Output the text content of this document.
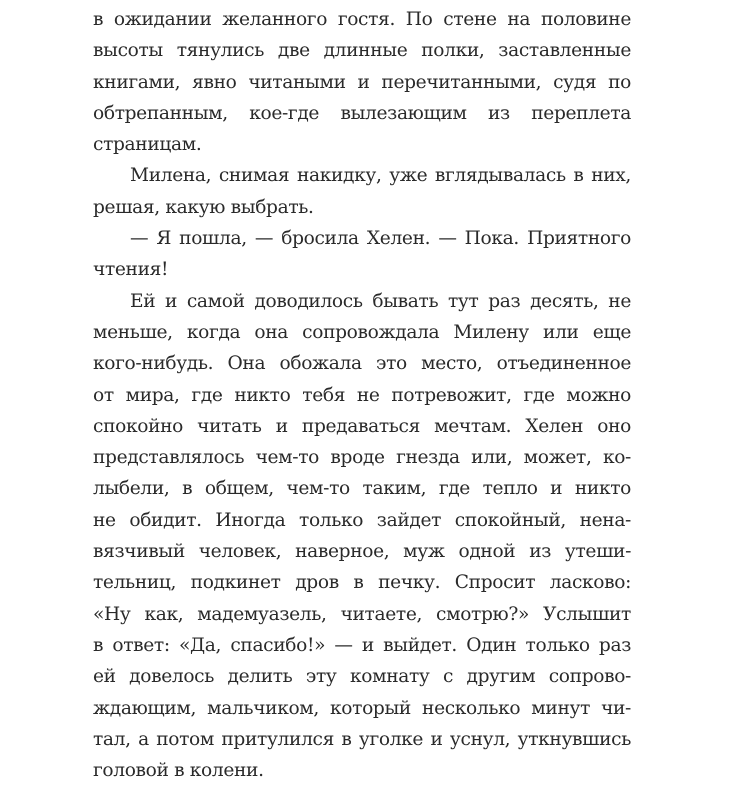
в ожидании желанного гостя. По стене на половине
высоты тянулись две длинные полки, заставленные
книгами, явно читаными и перечитанными, судя по
обтрепанным, кое-где вылезающим из переплета
страницам.
Милена, снимая накидку, уже вглядывалась в них,
решая, какую выбрать.
— Я пошла, — бросила Хелен. — Пока. Приятного
чтения!
Ей и самой доводилось бывать тут раз десять, не
меньше, когда она сопровождала Милену или еще
кого-нибудь. Она обожала это место, отъединенное
от мира, где никто тебя не потревожит, где можно
спокойно читать и предаваться мечтам. Хелен оно
представлялось чем-то вроде гнезда или, может, ко-
лыбели, в общем, чем-то таким, где тепло и никто
не обидит. Иногда только зайдет спокойный, нена-
вязчивый человек, наверное, муж одной из утеши-
тельниц, подкинет дров в печку. Спросит ласково:
«Ну как, мадемуазель, читаете, смотрю?» Услышит
в ответ: «Да, спасибо!» — и выйдет. Один только раз
ей довелось делить эту комнату с другим сопрово-
ждающим, мальчиком, который несколько минут чи-
тал, а потом притулился в уголке и уснул, уткнувшись
головой в колени.
